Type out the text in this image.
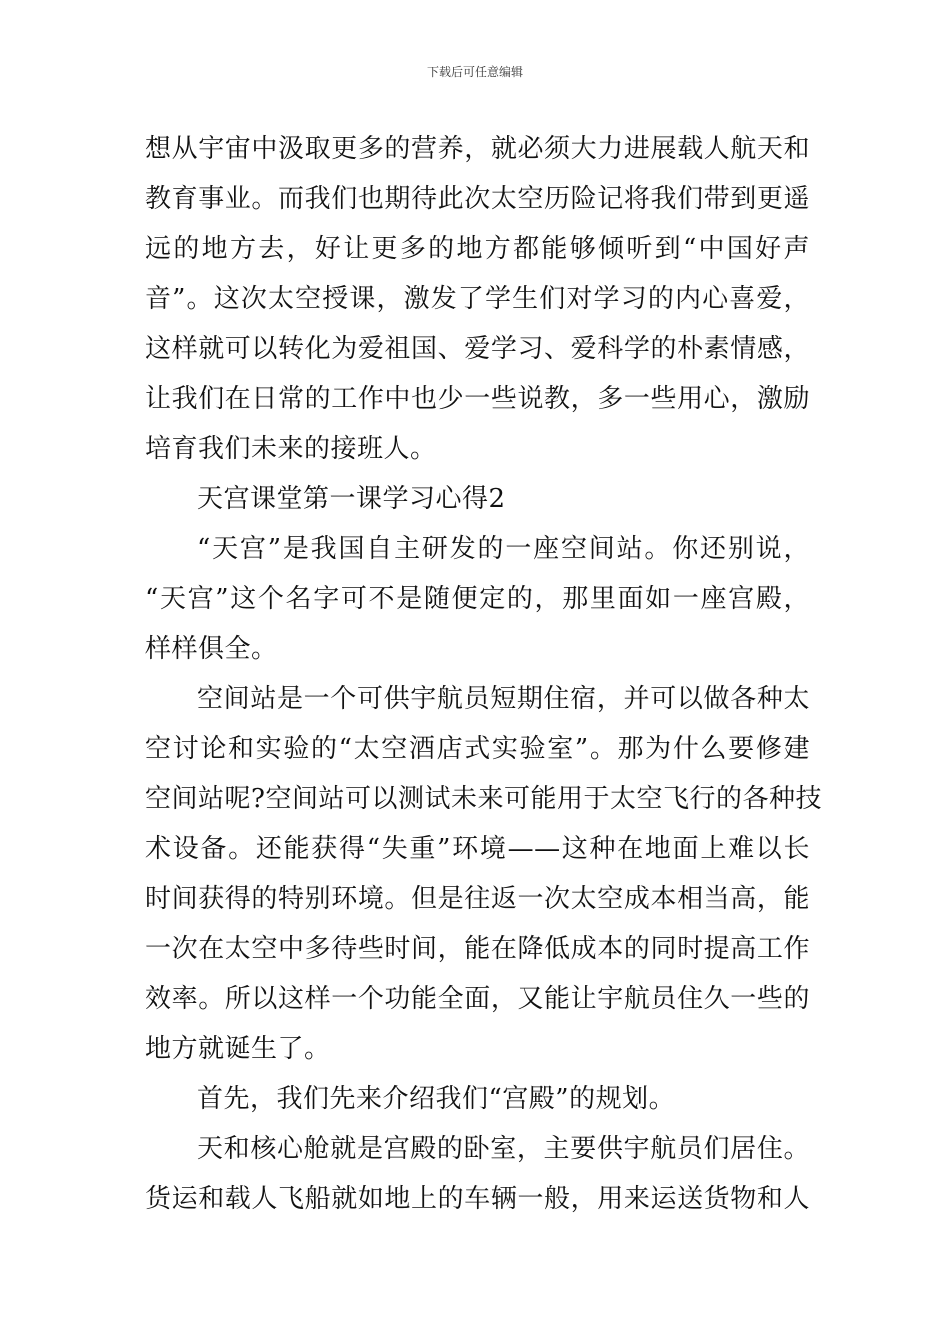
下载后可任意编辑
想从宇宙中汲取更多的营养，就必须大力进展载人航天和
教育事业。而我们也期待此次太空历险记将我们带到更遥
远的地方去，好让更多的地方都能够倾听到“中国好声
音”。这次太空授课，激发了学生们对学习的内心喜爱，
这样就可以转化为爱祖国、爱学习、爱科学的朴素情感，
让我们在日常的工作中也少一些说教，多一些用心，激励
培育我们未来的接班人。
天宫课堂第一课学习心得2
“天宫”是我国自主研发的一座空间站。你还别说，
“天宫”这个名字可不是随便定的，那里面如一座宫殿，
样样俱全。
空间站是一个可供宇航员短期住宿，并可以做各种太
空讨论和实验的“太空酒店式实验室”。那为什么要修建
空间站呢?空间站可以测试未来可能用于太空飞行的各种技
术设备。还能获得“失重”环境——这种在地面上难以长
时间获得的特别环境。但是往返一次太空成本相当高，能
一次在太空中多待些时间，能在降低成本的同时提高工作
效率。所以这样一个功能全面，又能让宇航员住久一些的
地方就诞生了。
首先，我们先来介绍我们“宫殿”的规划。
天和核心舱就是宫殿的卧室，主要供宇航员们居住。
货运和载人飞船就如地上的车辆一般，用来运送货物和人
